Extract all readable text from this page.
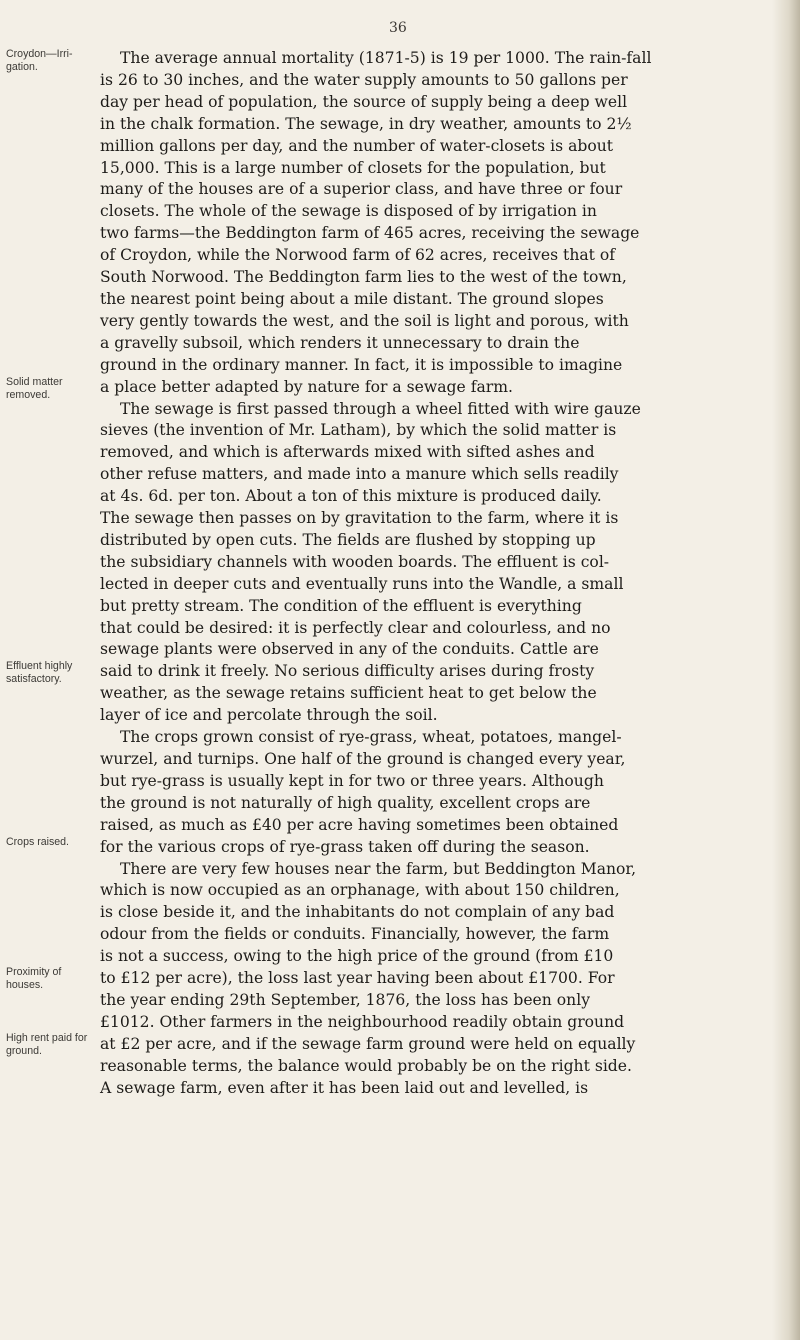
36
Croydon—Irrigation.
Solid matter removed.
Effluent highly satisfactory.
Crops raised.
Proximity of houses.
High rent paid for ground.
The average annual mortality (1871-5) is 19 per 1000. The rain-fall
is 26 to 30 inches, and the water supply amounts to 50 gallons per
day per head of population, the source of supply being a deep well
in the chalk formation. The sewage, in dry weather, amounts to 2½
million gallons per day, and the number of water-closets is about
15,000. This is a large number of closets for the population, but
many of the houses are of a superior class, and have three or four
closets. The whole of the sewage is disposed of by irrigation in
two farms—the Beddington farm of 465 acres, receiving the sewage
of Croydon, while the Norwood farm of 62 acres, receives that of
South Norwood. The Beddington farm lies to the west of the town,
the nearest point being about a mile distant. The ground slopes
very gently towards the west, and the soil is light and porous, with
a gravelly subsoil, which renders it unnecessary to drain the
ground in the ordinary manner. In fact, it is impossible to imagine
a place better adapted by nature for a sewage farm.
The sewage is first passed through a wheel fitted with wire gauze
sieves (the invention of Mr. Latham), by which the solid matter is
removed, and which is afterwards mixed with sifted ashes and
other refuse matters, and made into a manure which sells readily
at 4s. 6d. per ton. About a ton of this mixture is produced daily.
The sewage then passes on by gravitation to the farm, where it is
distributed by open cuts. The fields are flushed by stopping up
the subsidiary channels with wooden boards. The effluent is col-
lected in deeper cuts and eventually runs into the Wandle, a small
but pretty stream. The condition of the effluent is everything
that could be desired: it is perfectly clear and colourless, and no
sewage plants were observed in any of the conduits. Cattle are
said to drink it freely. No serious difficulty arises during frosty
weather, as the sewage retains sufficient heat to get below the
layer of ice and percolate through the soil.
The crops grown consist of rye-grass, wheat, potatoes, mangel-
wurzel, and turnips. One half of the ground is changed every year,
but rye-grass is usually kept in for two or three years. Although
the ground is not naturally of high quality, excellent crops are
raised, as much as £40 per acre having sometimes been obtained
for the various crops of rye-grass taken off during the season.
There are very few houses near the farm, but Beddington Manor,
which is now occupied as an orphanage, with about 150 children,
is close beside it, and the inhabitants do not complain of any bad
odour from the fields or conduits. Financially, however, the farm
is not a success, owing to the high price of the ground (from £10
to £12 per acre), the loss last year having been about £1700. For
the year ending 29th September, 1876, the loss has been only
£1012. Other farmers in the neighbourhood readily obtain ground
at £2 per acre, and if the sewage farm ground were held on equally
reasonable terms, the balance would probably be on the right side.
A sewage farm, even after it has been laid out and levelled, is
